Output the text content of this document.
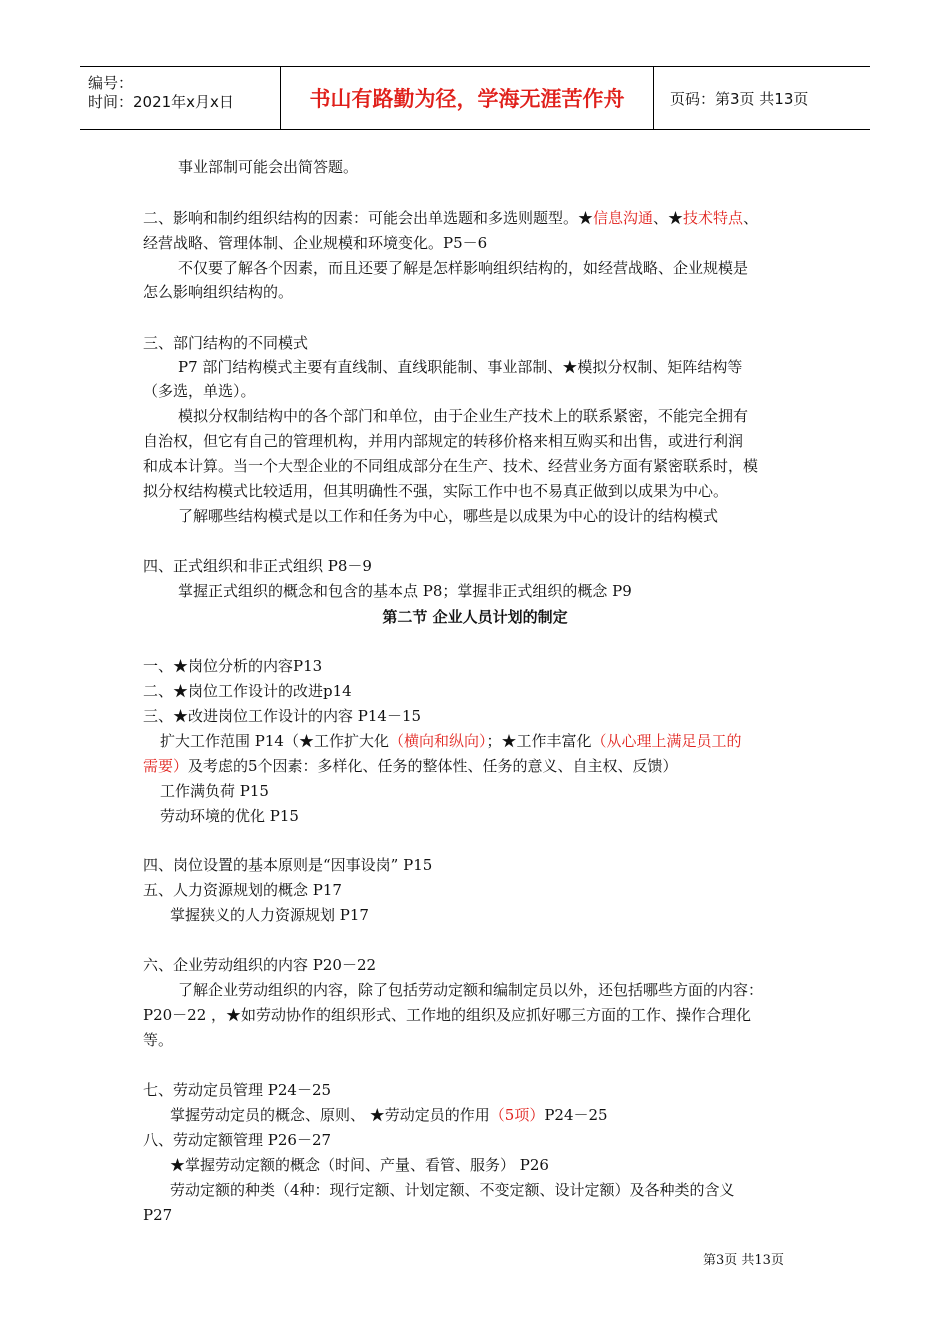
编号：
时间：2021年x月x日	书山有路勤为径，学海无涯苦作舟	页码：第3页 共13页
事业部制可能会出简答题。
二、影响和制约组织结构的因素：可能会出单选题和多选则题型。★信息沟通、★技术特点、
经营战略、管理体制、企业规模和环境变化。P5－6
不仅要了解各个因素，而且还要了解是怎样影响组织结构的，如经营战略、企业规模是
怎么影响组织结构的。
三、部门结构的不同模式
P7 部门结构模式主要有直线制、直线职能制、事业部制、★模拟分权制、矩阵结构等
（多选，单选）。
模拟分权制结构中的各个部门和单位，由于企业生产技术上的联系紧密，不能完全拥有
自治权，但它有自己的管理机构，并用内部规定的转移价格来相互购买和出售，或进行利润
和成本计算。当一个大型企业的不同组成部分在生产、技术、经营业务方面有紧密联系时，模
拟分权结构模式比较适用，但其明确性不强，实际工作中也不易真正做到以成果为中心。
了解哪些结构模式是以工作和任务为中心，哪些是以成果为中心的设计的结构模式
四、正式组织和非正式组织 P8－9
掌握正式组织的概念和包含的基本点 P8；掌握非正式组织的概念 P9
第二节 企业人员计划的制定
一、★岗位分析的内容P13
二、★岗位工作设计的改进p14
三、★改进岗位工作设计的内容 P14－15
扩大工作范围 P14（★工作扩大化（横向和纵向）；★工作丰富化（从心理上满足员工的
需要）及考虑的5个因素：多样化、任务的整体性、任务的意义、自主权、反馈）
工作满负荷 P15
劳动环境的优化 P15
四、岗位设置的基本原则是“因事设岗” P15
五、人力资源规划的概念 P17
掌握狭义的人力资源规划 P17
六、企业劳动组织的内容 P20－22
了解企业劳动组织的内容，除了包括劳动定额和编制定员以外，还包括哪些方面的内容：
P20－22 ，★如劳动协作的组织形式、工作地的组织及应抓好哪三方面的工作、操作合理化
等。
七、劳动定员管理 P24－25
掌握劳动定员的概念、原则、 ★劳动定员的作用（5项）P24－25
八、劳动定额管理 P26－27
★掌握劳动定额的概念（时间、产量、看管、服务） P26
劳动定额的种类（4种：现行定额、计划定额、不变定额、设计定额）及各种类的含义
P27
第3页 共13页
